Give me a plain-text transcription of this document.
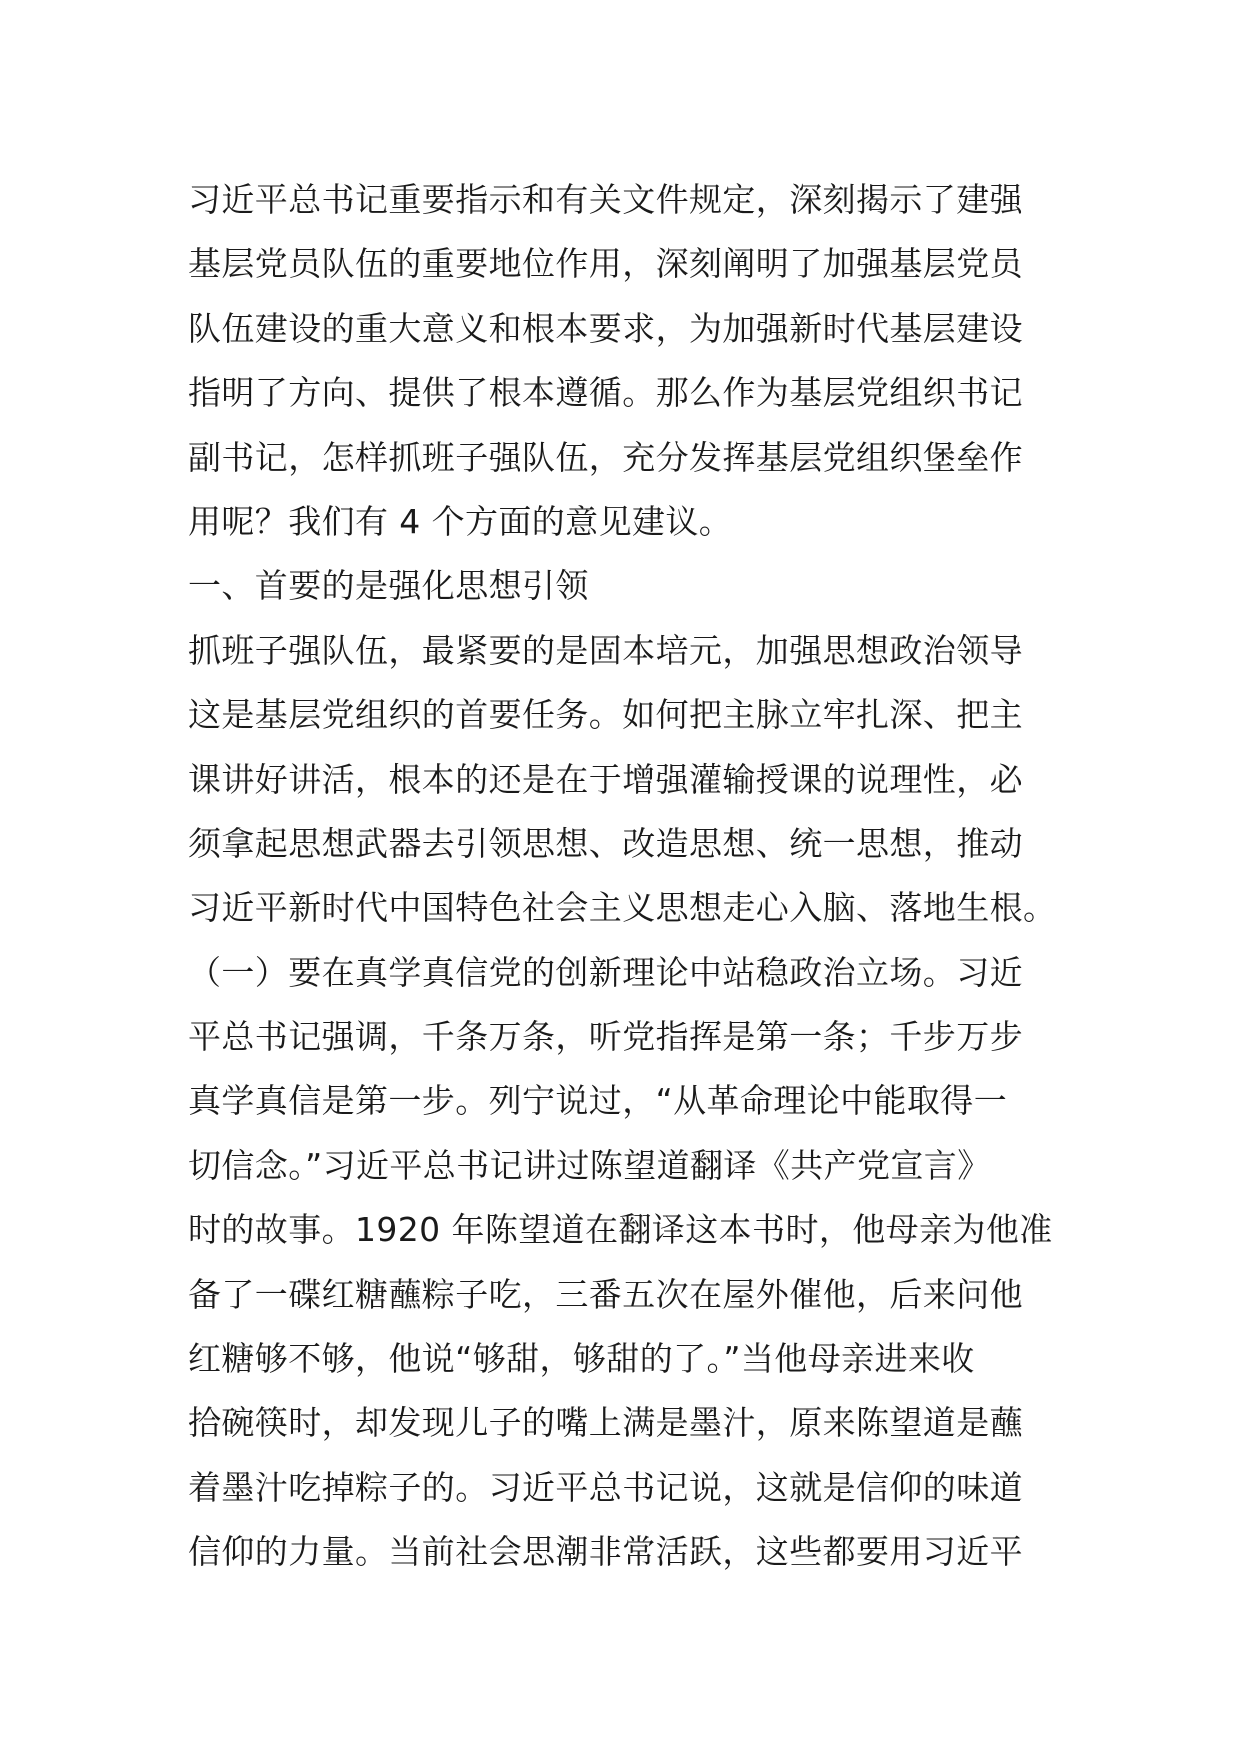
习近平总书记重要指示和有关文件规定，深刻揭示了建强
基层党员队伍的重要地位作用，深刻阐明了加强基层党员
队伍建设的重大意义和根本要求，为加强新时代基层建设
指明了方向、提供了根本遵循。那么作为基层党组织书记
副书记，怎样抓班子强队伍，充分发挥基层党组织堡垒作
用呢？我们有 4 个方面的意见建议。
一、首要的是强化思想引领
抓班子强队伍，最紧要的是固本培元，加强思想政治领导
这是基层党组织的首要任务。如何把主脉立牢扎深、把主
课讲好讲活，根本的还是在于增强灌输授课的说理性，必
须拿起思想武器去引领思想、改造思想、统一思想，推动
习近平新时代中国特色社会主义思想走心入脑、落地生根。
（一）要在真学真信党的创新理论中站稳政治立场。习近
平总书记强调，千条万条，听党指挥是第一条；千步万步
真学真信是第一步。列宁说过，“从革命理论中能取得一
切信念。”习近平总书记讲过陈望道翻译《共产党宣言》
时的故事。1920 年陈望道在翻译这本书时，他母亲为他准
备了一碟红糖蘸粽子吃，三番五次在屋外催他，后来问他
红糖够不够，他说“够甜，够甜的了。”当他母亲进来收
拾碗筷时，却发现儿子的嘴上满是墨汁，原来陈望道是蘸
着墨汁吃掉粽子的。习近平总书记说，这就是信仰的味道
信仰的力量。当前社会思潮非常活跃，这些都要用习近平
